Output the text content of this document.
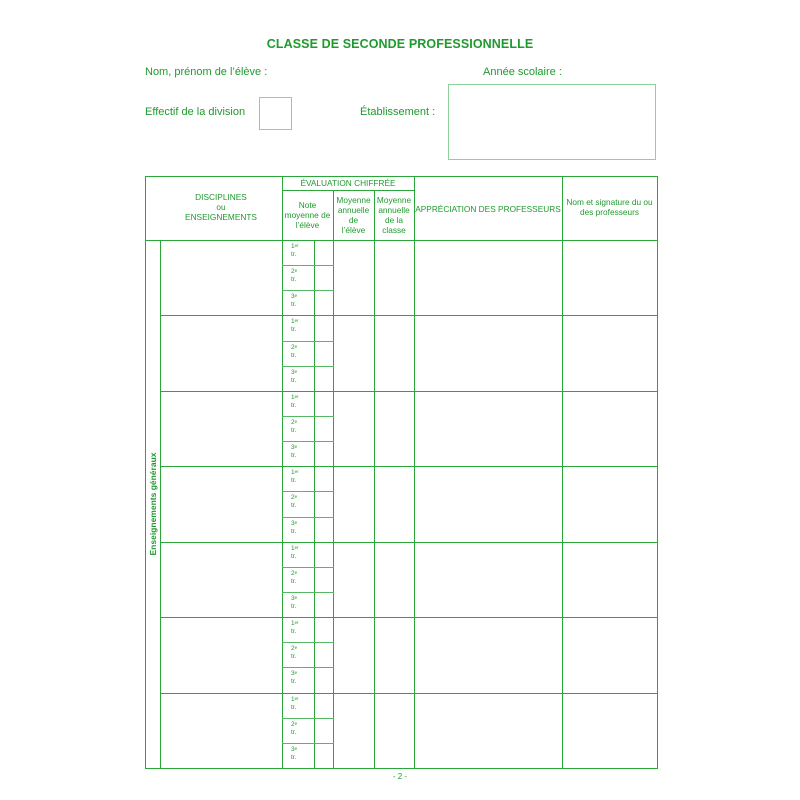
CLASSE DE SECONDE PROFESSIONNELLE
Nom, prénom de l’élève :	Année scolaire :
Effectif de la division	Établissement :
DISCIPLINES
ou
ENSEIGNEMENTS
ÉVALUATION CHIFFRÉE
Note
moyenne de
l’élève
Moyenne
annuelle
de
l’élève
Moyenne
annuelle
de la
classe
APPRÉCIATION DES PROFESSEURS
Nom et signature du ou
des professeurs
Enseignements généraux
1er tr.
2e tr.
3e tr.
1er tr.
2e tr.
3e tr.
1er tr.
2e tr.
3e tr.
1er tr.
2e tr.
3e tr.
1er tr.
2e tr.
3e tr.
1er tr.
2e tr.
3e tr.
1er tr.
2e tr.
3e tr.
- 2 -
